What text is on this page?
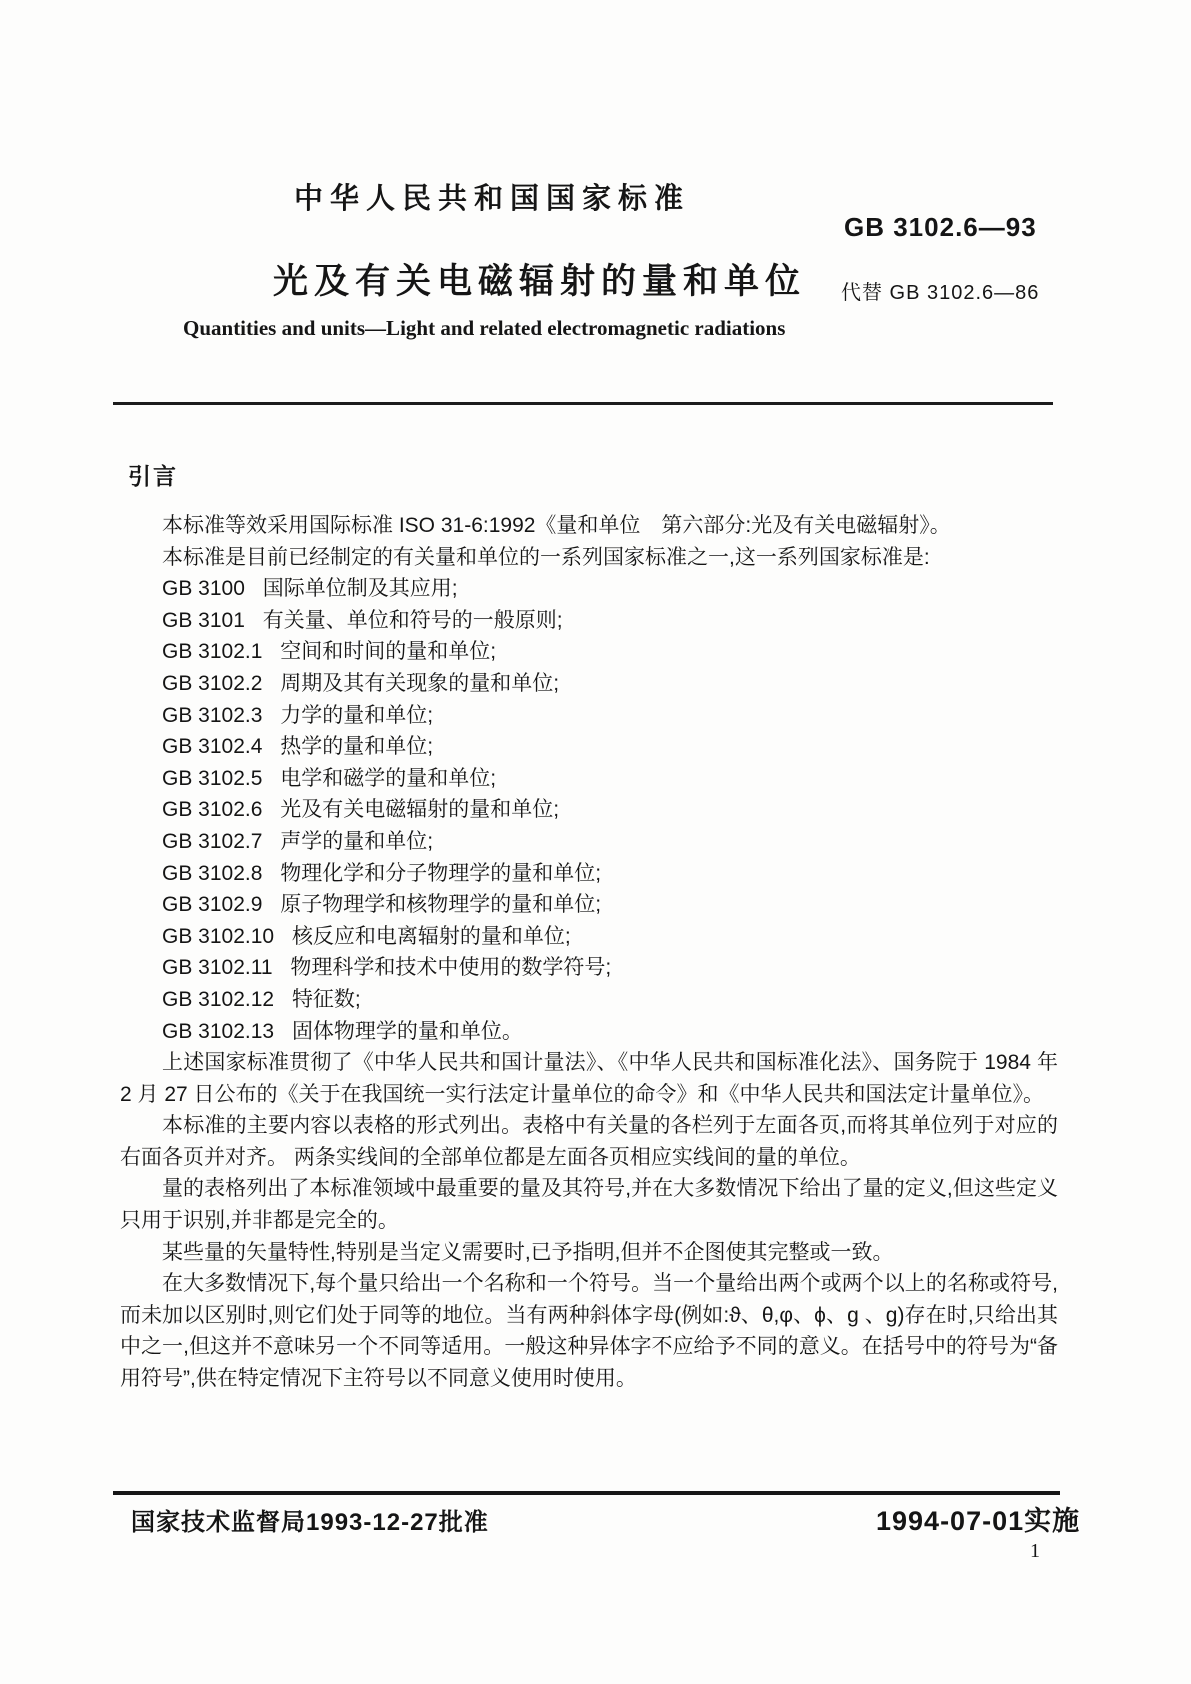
中华人民共和国国家标准
GB 3102.6—93
光及有关电磁辐射的量和单位 代替 GB 3102.6—86
Quantities and units—Light and related electromagnetic radiations
引言

本标准等效采用国际标准 ISO 31-6:1992《量和单位　第六部分:光及有关电磁辐射》。

本标准是目前已经制定的有关量和单位的一系列国家标准之一,这一系列国家标准是:

GB 3100 国际单位制及其应用;
GB 3101 有关量、单位和符号的一般原则;
GB 3102.1 空间和时间的量和单位;
GB 3102.2 周期及其有关现象的量和单位;
GB 3102.3 力学的量和单位;
GB 3102.4 热学的量和单位;
GB 3102.5 电学和磁学的量和单位;
GB 3102.6 光及有关电磁辐射的量和单位;
GB 3102.7 声学的量和单位;
GB 3102.8 物理化学和分子物理学的量和单位;
GB 3102.9 原子物理学和核物理学的量和单位;
GB 3102.10 核反应和电离辐射的量和单位;
GB 3102.11 物理科学和技术中使用的数学符号;
GB 3102.12 特征数;
GB 3102.13 固体物理学的量和单位。

上述国家标准贯彻了《中华人民共和国计量法》、《中华人民共和国标准化法》、国务院于 1984 年 2 月 27 日公布的《关于在我国统一实行法定计量单位的命令》和《中华人民共和国法定计量单位》。

本标准的主要内容以表格的形式列出。表格中有关量的各栏列于左面各页,而将其单位列于对应的右面各页并对齐。 两条实线间的全部单位都是左面各页相应实线间的量的单位。

量的表格列出了本标准领域中最重要的量及其符号,并在大多数情况下给出了量的定义,但这些定义只用于识别,并非都是完全的。

某些量的矢量特性,特别是当定义需要时,已予指明,但并不企图使其完整或一致。

在大多数情况下,每个量只给出一个名称和一个符号。当一个量给出两个或两个以上的名称或符号,而未加以区别时,则它们处于同等的地位。当有两种斜体字母(例如:ϑ、θ,φ、ϕ、g 、g)存在时,只给出其中之一,但这并不意味另一个不同等适用。一般这种异体字不应给予不同的意义。在括号中的符号为“备用符号”,供在特定情况下主符号以不同意义使用时使用。

国家技术监督局1993-12-27批准	1994-07-01实施
1
